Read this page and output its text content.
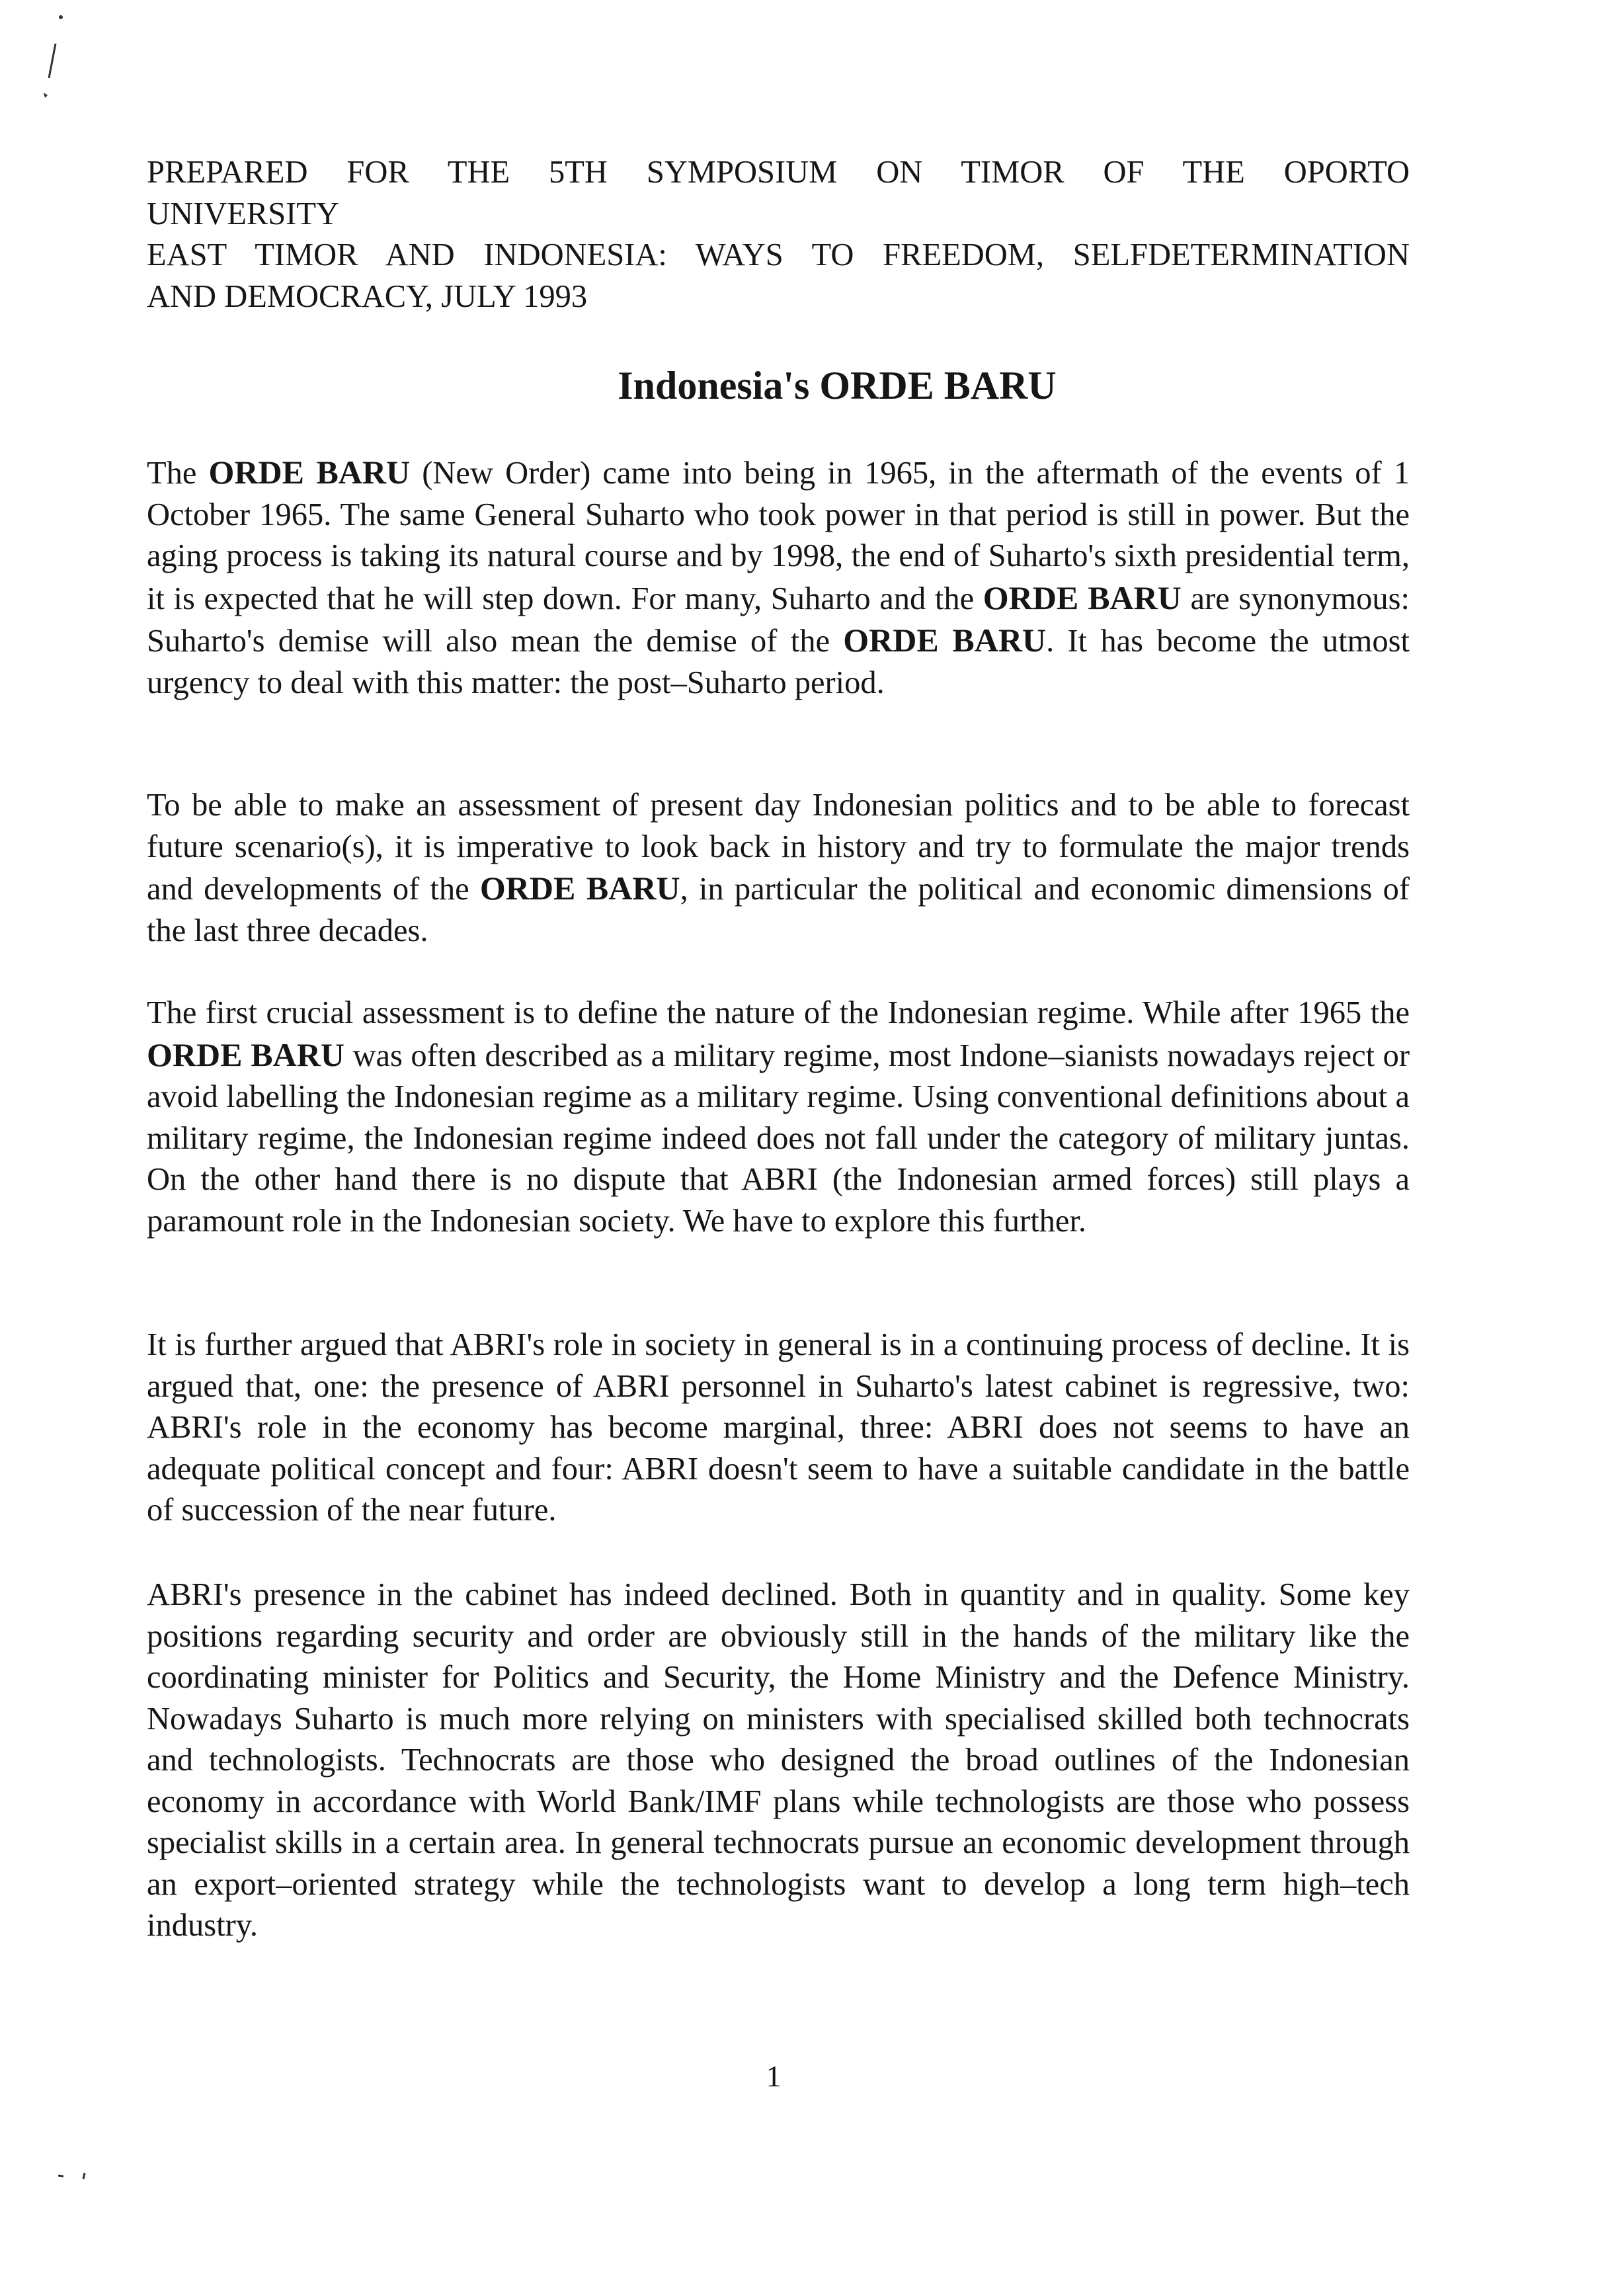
PREPARED FOR THE 5TH SYMPOSIUM ON TIMOR OF THE OPORTO
UNIVERSITY
EAST TIMOR AND INDONESIA: WAYS TO FREEDOM, SELFDETERMINATION
AND DEMOCRACY, JULY 1993
Indonesia's ORDE BARU

The ORDE BARU (New Order) came into being in 1965, in the aftermath of the events of 1 October 1965. The same General Suharto who took power in that period is still in power. But the aging process is taking its natural course and by 1998, the end of Suharto's sixth presidential term, it is expected that he will step down. For many, Suharto and the ORDE BARU are synonymous: Suharto's demise will also mean the demise of the ORDE BARU. It has become the utmost urgency to deal with this matter: the post–Suharto period.

To be able to make an assessment of present day Indonesian politics and to be able to forecast future scenario(s), it is imperative to look back in history and try to formulate the major trends and developments of the ORDE BARU, in particular the political and economic dimensions of the last three decades.

The first crucial assessment is to define the nature of the Indonesian regime. While after 1965 the ORDE BARU was often described as a military regime, most Indone–sianists nowadays reject or avoid labelling the Indonesian regime as a military regime. Using conventional definitions about a military regime, the Indonesian regime indeed does not fall under the category of military juntas. On the other hand there is no dispute that ABRI (the Indonesian armed forces) still plays a paramount role in the Indonesian society. We have to explore this further.

It is further argued that ABRI's role in society in general is in a continuing process of decline. It is argued that, one: the presence of ABRI personnel in Suharto's latest cabinet is regressive, two: ABRI's role in the economy has become marginal, three: ABRI does not seems to have an adequate political concept and four: ABRI doesn't seem to have a suitable candidate in the battle of succession of the near future.

ABRI's presence in the cabinet has indeed declined. Both in quantity and in quality. Some key positions regarding security and order are obviously still in the hands of the military like the coordinating minister for Politics and Security, the Home Ministry and the Defence Ministry. Nowadays Suharto is much more relying on ministers with specialised skilled both technocrats and technologists. Technocrats are those who designed the broad outlines of the Indonesian economy in accordance with World Bank/IMF plans while technologists are those who possess specialist skills in a certain area. In general technocrats pursue an economic development through an export–oriented strategy while the technologists want to develop a long term high–tech industry.

1
